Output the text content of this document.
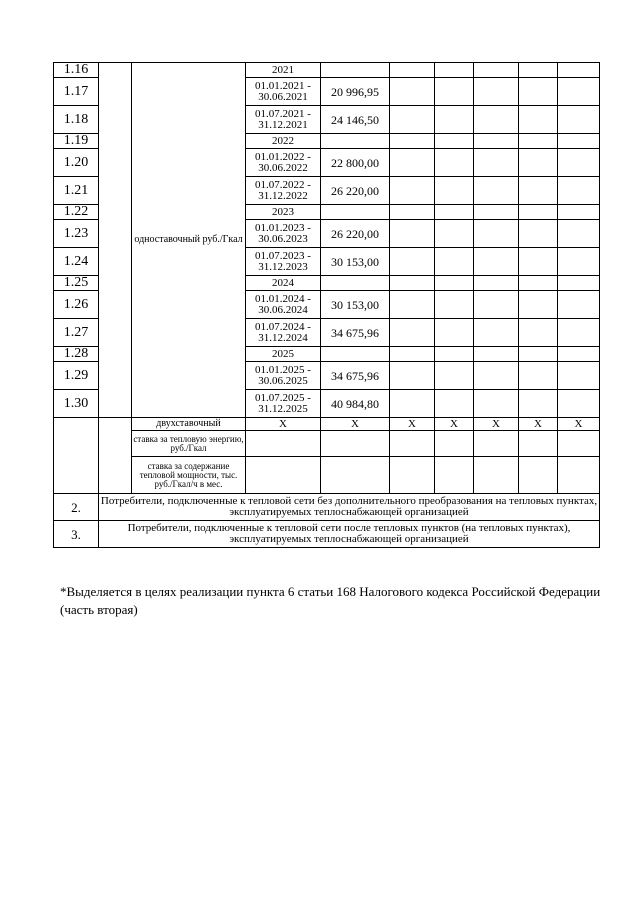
1.16		одноставочный руб./Гкал	2021						
1.17			01.01.2021 - 30.06.2021	20 996,95					
1.18			01.07.2021 - 31.12.2021	24 146,50					
1.19			2022						
1.20			01.01.2022 - 30.06.2022	22 800,00					
1.21			01.07.2022 - 31.12.2022	26 220,00					
1.22			2023						
1.23			01.01.2023 - 30.06.2023	26 220,00					
1.24			01.07.2023 - 31.12.2023	30 153,00					
1.25			2024						
1.26			01.01.2024 - 30.06.2024	30 153,00					
1.27			01.07.2024 - 31.12.2024	34 675,96					
1.28			2025						
1.29			01.01.2025 - 30.06.2025	34 675,96					
1.30			01.07.2025 - 31.12.2025	40 984,80					
		двухставочный	Х	Х	Х	Х	Х	Х	Х
		ставка за тепловую энергию, руб./Гкал							
		ставка за содержание тепловой мощности, тыс. руб./Гкал/ч в мес.							
2.	Потребители, подключенные к тепловой сети без дополнительного преобразования на тепловых пунктах, эксплуатируемых теплоснабжающей организацией								
3.	Потребители, подключенные к тепловой сети после тепловых пунктов (на тепловых пунктах), эксплуатируемых теплоснабжающей организацией								
*Выделяется в целях реализации пункта 6 статьи 168 Налогового кодекса Российской Федерации (часть вторая)
